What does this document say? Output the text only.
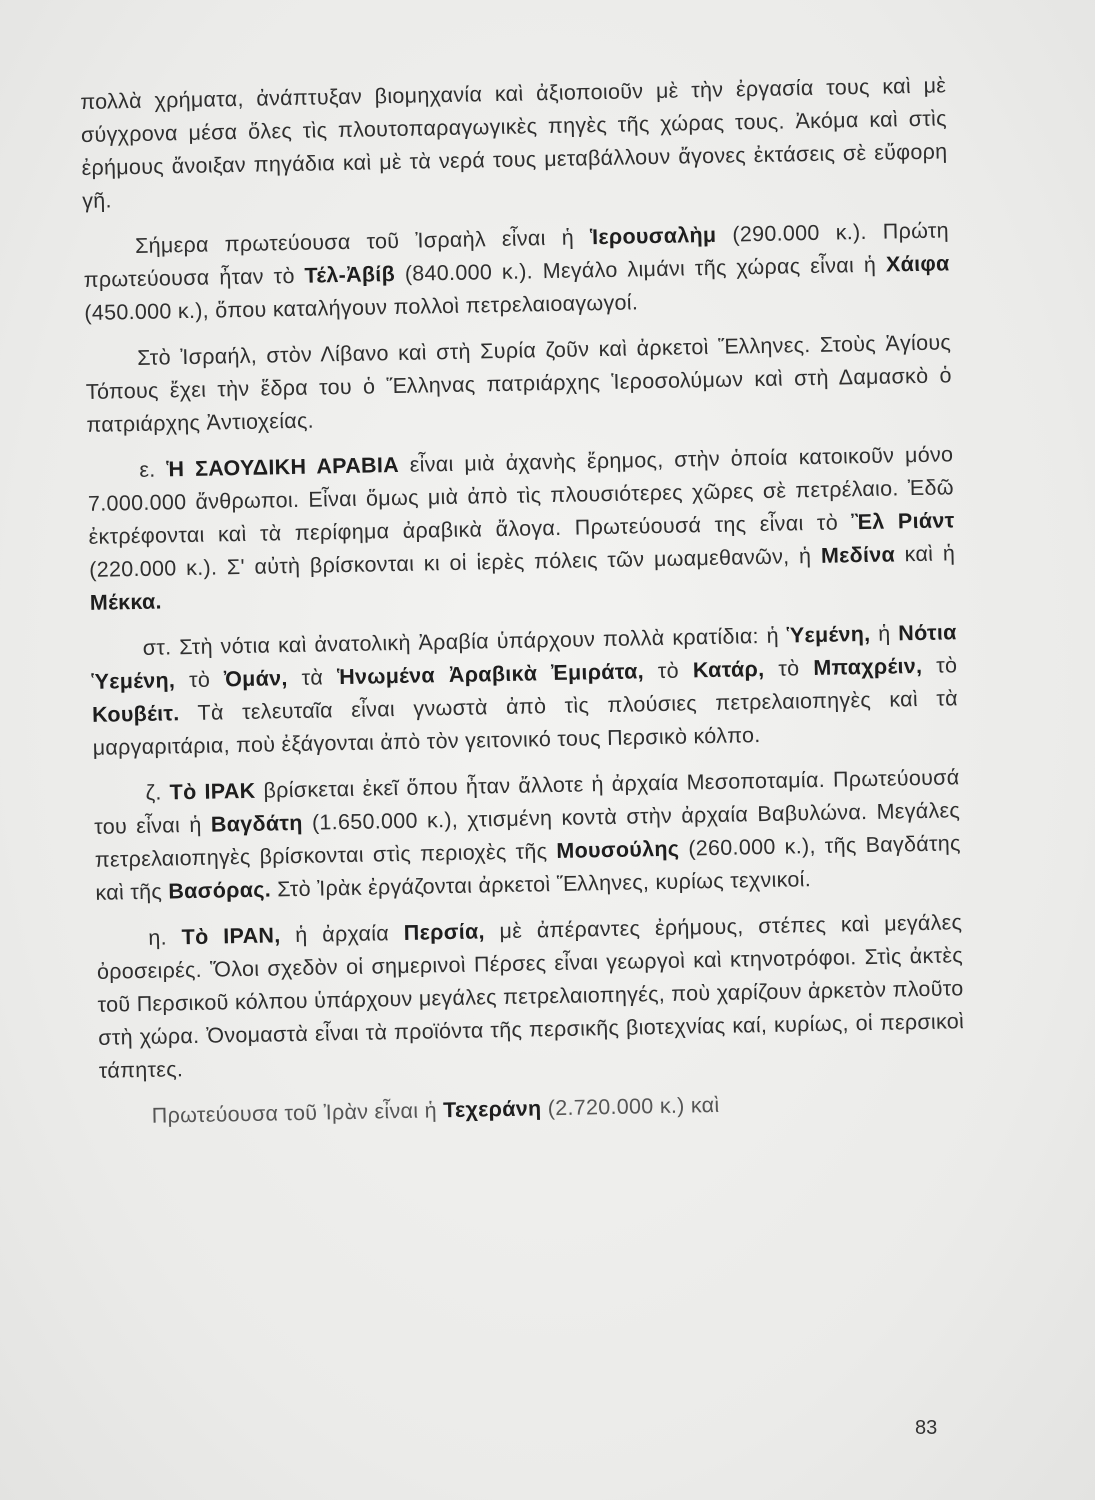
πολλὰ χρήματα, ἀνάπτυξαν βιομηχανία καὶ ἀξιοποιοῦν μὲ τὴν ἐργασία τους καὶ μὲ σύγχρονα μέσα ὅλες τὶς πλουτοπαραγωγικὲς πηγὲς τῆς χώρας τους. Ἀκόμα καὶ στὶς ἐρήμους ἄνοιξαν πηγάδια καὶ μὲ τὰ νερά τους μεταβάλλουν ἄγονες ἐκτάσεις σὲ εὔφορη γῆ.

Σήμερα πρωτεύουσα τοῦ Ἰσραὴλ εἶναι ἡ Ἱερουσαλὴμ (290.000 κ.). Πρώτη πρωτεύουσα ἦταν τὸ Τέλ-Ἀβίβ (840.000 κ.). Μεγάλο λιμάνι τῆς χώρας εἶναι ἡ Χάιφα (450.000 κ.), ὅπου καταλήγουν πολλοὶ πετρελαιοαγωγοί.

Στὸ Ἰσραήλ, στὸν Λίβανο καὶ στὴ Συρία ζοῦν καὶ ἀρκετοὶ Ἕλληνες. Στοὺς Ἁγίους Τόπους ἔχει τὴν ἕδρα του ὁ Ἕλληνας πατριάρχης Ἱεροσολύμων καὶ στὴ Δαμασκὸ ὁ πατριάρχης Ἀντιοχείας.

ε. Ἡ ΣΑΟΥΔΙΚΗ ΑΡΑΒΙΑ εἶναι μιὰ ἀχανὴς ἔρημος, στὴν ὁποία κατοικοῦν μόνο 7.000.000 ἄνθρωποι. Εἶναι ὅμως μιὰ ἀπὸ τὶς πλουσιότερες χῶρες σὲ πετρέλαιο. Ἐδῶ ἐκτρέφονται καὶ τὰ περίφημα ἀραβικὰ ἄλογα. Πρωτεύουσά της εἶναι τὸ Ἒλ Ριάντ (220.000 κ.). Σ' αὐτὴ βρίσκονται κι οἱ ἱερὲς πόλεις τῶν μωαμεθανῶν, ἡ Μεδίνα καὶ ἡ Μέκκα.

στ. Στὴ νότια καὶ ἀνατολικὴ Ἀραβία ὑπάρχουν πολλὰ κρατίδια: ἡ Ὑεμένη, ἡ Νότια Ὑεμένη, τὸ Ὀμάν, τὰ Ἡνωμένα Ἀραβικὰ Ἐμιράτα, τὸ Κατάρ, τὸ Μπαχρέιν, τὸ Κουβέιτ. Τὰ τελευταῖα εἶναι γνωστὰ ἀπὸ τὶς πλούσιες πετρελαιοπηγὲς καὶ τὰ μαργαριτάρια, ποὺ ἐξάγονται ἀπὸ τὸν γειτονικό τους Περσικὸ κόλπο.

ζ. Τὸ ΙΡΑΚ βρίσκεται ἐκεῖ ὅπου ἦταν ἄλλοτε ἡ ἀρχαία Μεσοποταμία. Πρωτεύουσά του εἶναι ἡ Βαγδάτη (1.650.000 κ.), χτισμένη κοντὰ στὴν ἀρχαία Βαβυλώνα. Μεγάλες πετρελαιοπηγὲς βρίσκονται στὶς περιοχὲς τῆς Μουσούλης (260.000 κ.), τῆς Βαγδάτης καὶ τῆς Βασόρας. Στὸ Ἰρὰκ ἐργάζονται ἀρκετοὶ Ἕλληνες, κυρίως τεχνικοί.

η. Τὸ ΙΡΑΝ, ἡ ἀρχαία Περσία, μὲ ἀπέραντες ἐρήμους, στέπες καὶ μεγάλες ὀροσειρές. Ὅλοι σχεδὸν οἱ σημερινοὶ Πέρσες εἶναι γεωργοὶ καὶ κτηνοτρόφοι. Στὶς ἀκτὲς τοῦ Περσικοῦ κόλπου ὑπάρχουν μεγάλες πετρελαιοπηγές, ποὺ χαρίζουν ἀρκετὸν πλοῦτο στὴ χώρα. Ὀνομαστὰ εἶναι τὰ προϊόντα τῆς περσικῆς βιοτεχνίας καί, κυρίως, οἱ περσικοὶ τάπητες.

Πρωτεύουσα τοῦ Ἰρὰν εἶναι ἡ Τεχεράνη (2.720.000 κ.) καὶ

83
